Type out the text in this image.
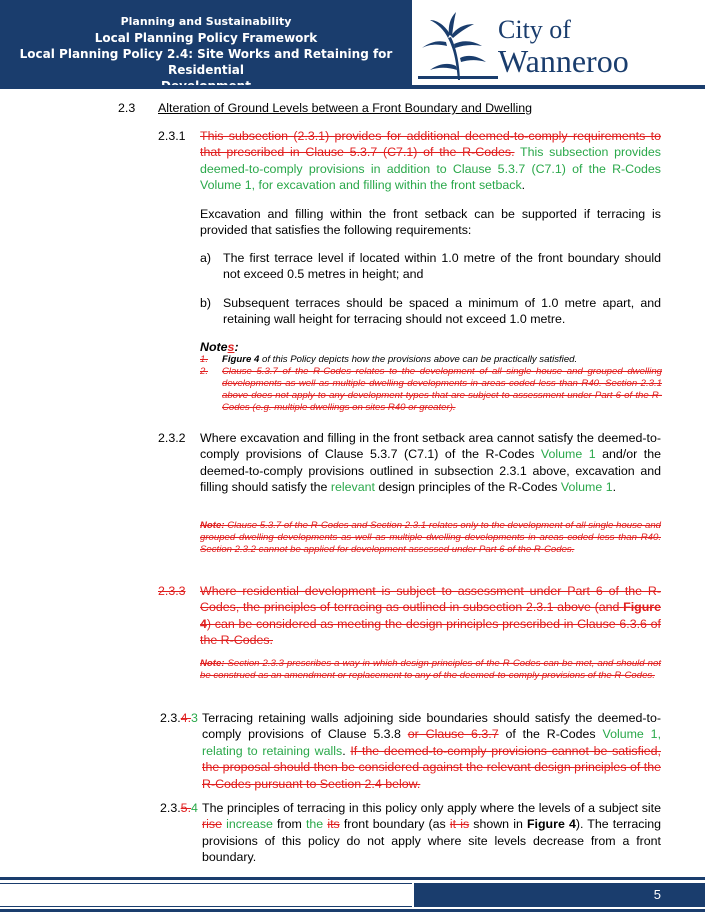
Planning and Sustainability
Local Planning Policy Framework
Local Planning Policy 2.4: Site Works and Retaining for Residential
City of
Wanneroo
2.3 Alteration of Ground Levels between a Front Boundary and Dwelling
2.3.1 This subsection (2.3.1) provides for additional deemed-to-comply requirements to that prescribed in Clause 5.3.7 (C7.1) of the R-Codes. This subsection provides deemed-to-comply provisions in addition to Clause 5.3.7 (C7.1) of the R-Codes Volume 1, for excavation and filling within the front setback.
Excavation and filling within the front setback can be supported if terracing is provided that satisfies the following requirements:
a) The first terrace level if located within 1.0 metre of the front boundary should not exceed 0.5 metres in height; and
b) Subsequent terraces should be spaced a minimum of 1.0 metre apart, and retaining wall height for terracing should not exceed 1.0 metre.
Notes:
1. Figure 4 of this Policy depicts how the provisions above can be practically satisfied.
2. Clause 5.3.7 of the R-Codes relates to the development of all single house and grouped dwelling developments as well as multiple dwelling developments in areas coded less than R40. Section 2.3.1 above does not apply to any development types that are subject to assessment under Part 6 of the R-Codes (e.g. multiple dwellings on sites R40 or greater).
2.3.2 Where excavation and filling in the front setback area cannot satisfy the deemed-to-comply provisions of Clause 5.3.7 (C7.1) of the R-Codes Volume 1 and/or the deemed-to-comply provisions outlined in subsection 2.3.1 above, excavation and filling should satisfy the relevant design principles of the R-Codes Volume 1.
Note: Clause 5.3.7 of the R-Codes and Section 2.3.1 relates only to the development of all single house and grouped dwelling developments as well as multiple dwelling developments in areas coded less than R40. Section 2.3.2 cannot be applied for development assessed under Part 6 of the R-Codes.
2.3.3 Where residential development is subject to assessment under Part 6 of the R-Codes, the principles of terracing as outlined in subsection 2.3.1 above (and Figure 4) can be considered as meeting the design principles prescribed in Clause 6.3.6 of the R-Codes.
Note: Section 2.3.3 prescribes a way in which design principles of the R-Codes can be met, and should not be construed as an amendment or replacement to any of the deemed-to-comply provisions of the R-Codes.
2.3.4.3 Terracing retaining walls adjoining side boundaries should satisfy the deemed-to-comply provisions of Clause 5.3.8 or Clause 6.3.7 of the R-Codes Volume 1, relating to retaining walls. If the deemed-to-comply provisions cannot be satisfied, the proposal should then be considered against the relevant design principles of the R-Codes pursuant to Section 2.4 below.
2.3.5.4 The principles of terracing in this policy only apply where the levels of a subject site rise increase from the its front boundary (as it is shown in Figure 4). The terracing provisions of this policy do not apply where site levels decrease from a front boundary.
5
